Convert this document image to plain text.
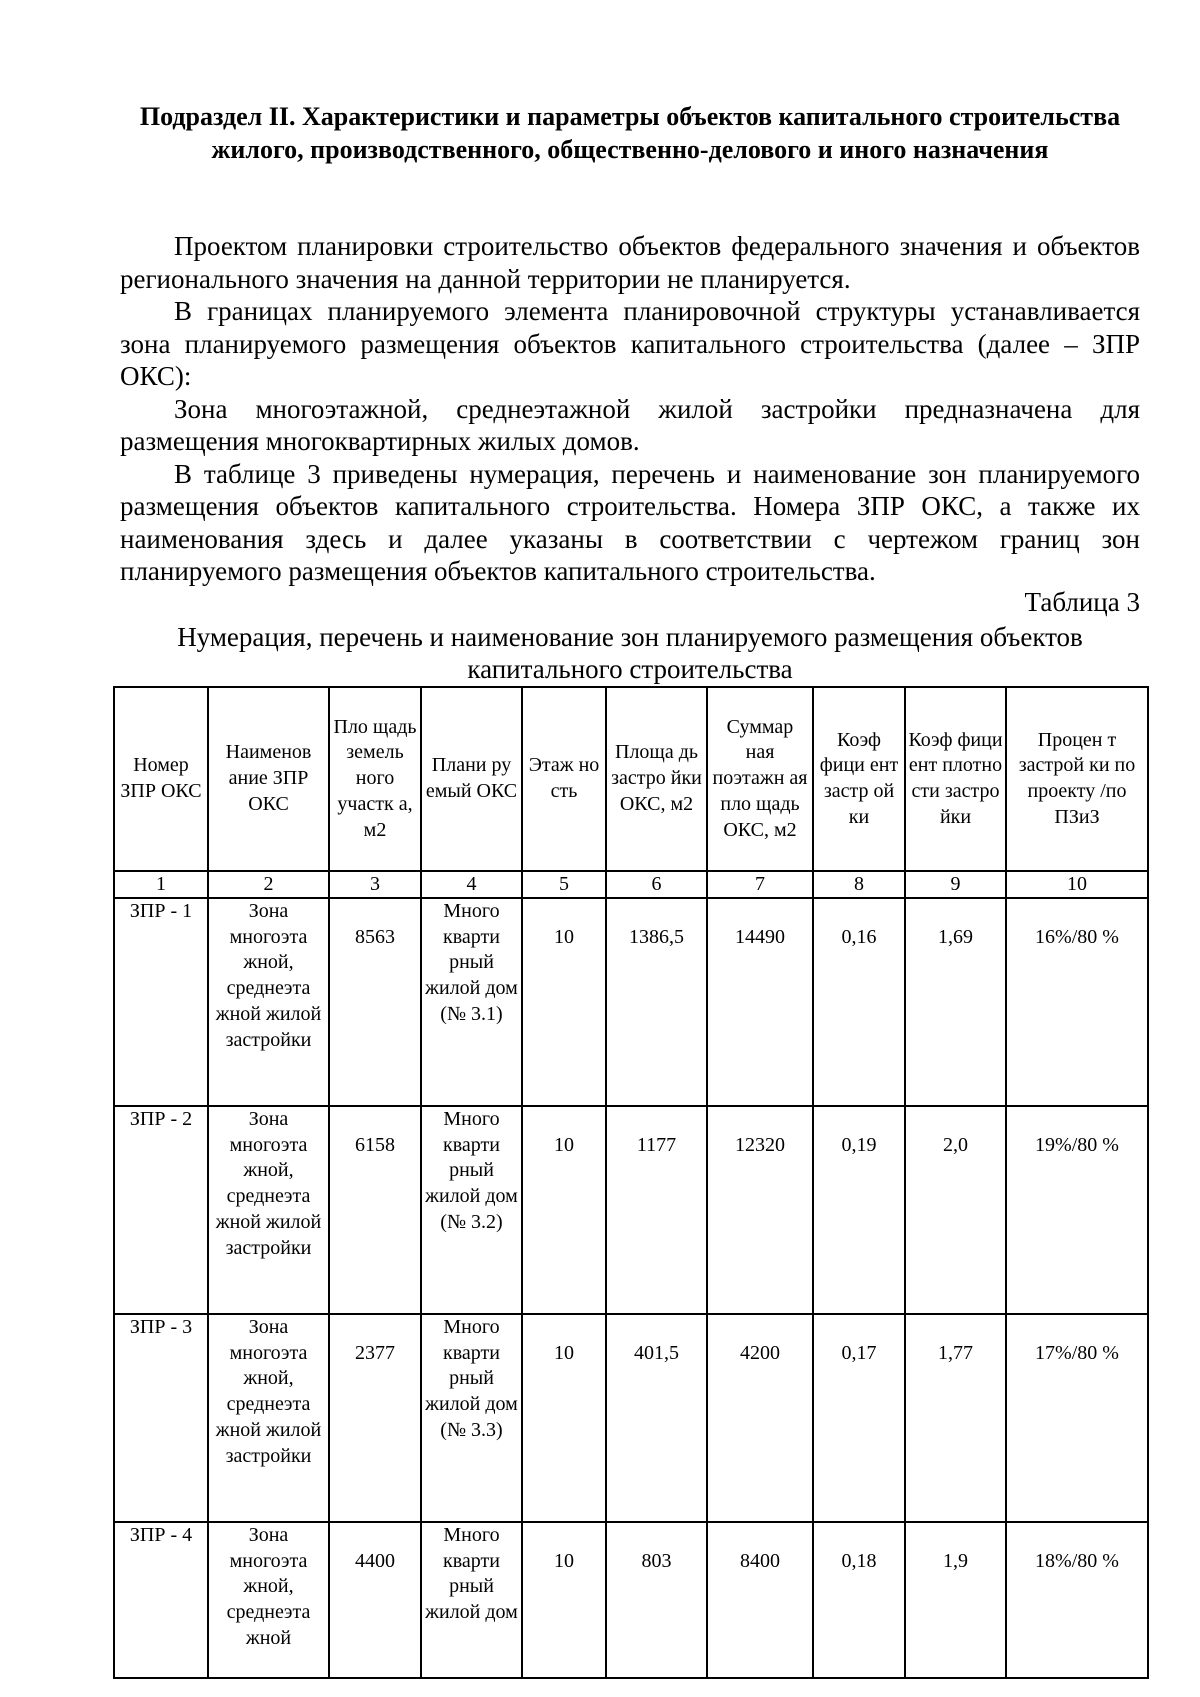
Подраздел II. Характеристики и параметры объектов капитального строительства жилого, производственного, общественно-делового и иного назначения

Проектом планировки строительство объектов федерального значения и объектов регионального значения на данной территории не планируется.

В границах планируемого элемента планировочной структуры устанавливается зона планируемого размещения объектов капитального строительства (далее – ЗПР ОКС):

Зона многоэтажной, среднеэтажной жилой застройки предназначена для размещения многоквартирных жилых домов.

В таблице 3 приведены нумерация, перечень и наименование зон планируемого размещения объектов капитального строительства. Номера ЗПР ОКС, а также их наименования здесь и далее указаны в соответствии с чертежом границ зон планируемого размещения объектов капитального строительства.

Таблица 3
Нумерация, перечень и наименование зон планируемого размещения объектов капитального строительства
Номер ЗПР ОКС	Наименов ание ЗПР ОКС	Пло щадь земель ного участк а, м2	Плани ру емый ОКС	Этаж но сть	Площа дь застро йки ОКС, м2	Суммар ная поэтажн ая пло щадь ОКС, м2	Коэф фици ент застр ой ки	Коэф фици ент плотно сти застро йки	Процен т застрой ки по проекту /по ПЗиЗ
1	2	3	4	5	6	7	8	9	10
ЗПР - 1	Зона многоэта жной, среднеэта жной жилой застройки	8563	Много кварти рный жилой дом (№ 3.1)	10	1386,5	14490	0,16	1,69	16%/80 %
ЗПР - 2	Зона многоэта жной, среднеэта жной жилой застройки	6158	Много кварти рный жилой дом (№ 3.2)	10	1177	12320	0,19	2,0	19%/80 %
ЗПР - 3	Зона многоэта жной, среднеэта жной жилой застройки	2377	Много кварти рный жилой дом (№ 3.3)	10	401,5	4200	0,17	1,77	17%/80 %
ЗПР - 4	Зона многоэта жной, среднеэта жной	4400	Много кварти рный жилой дом	10	803	8400	0,18	1,9	18%/80 %
